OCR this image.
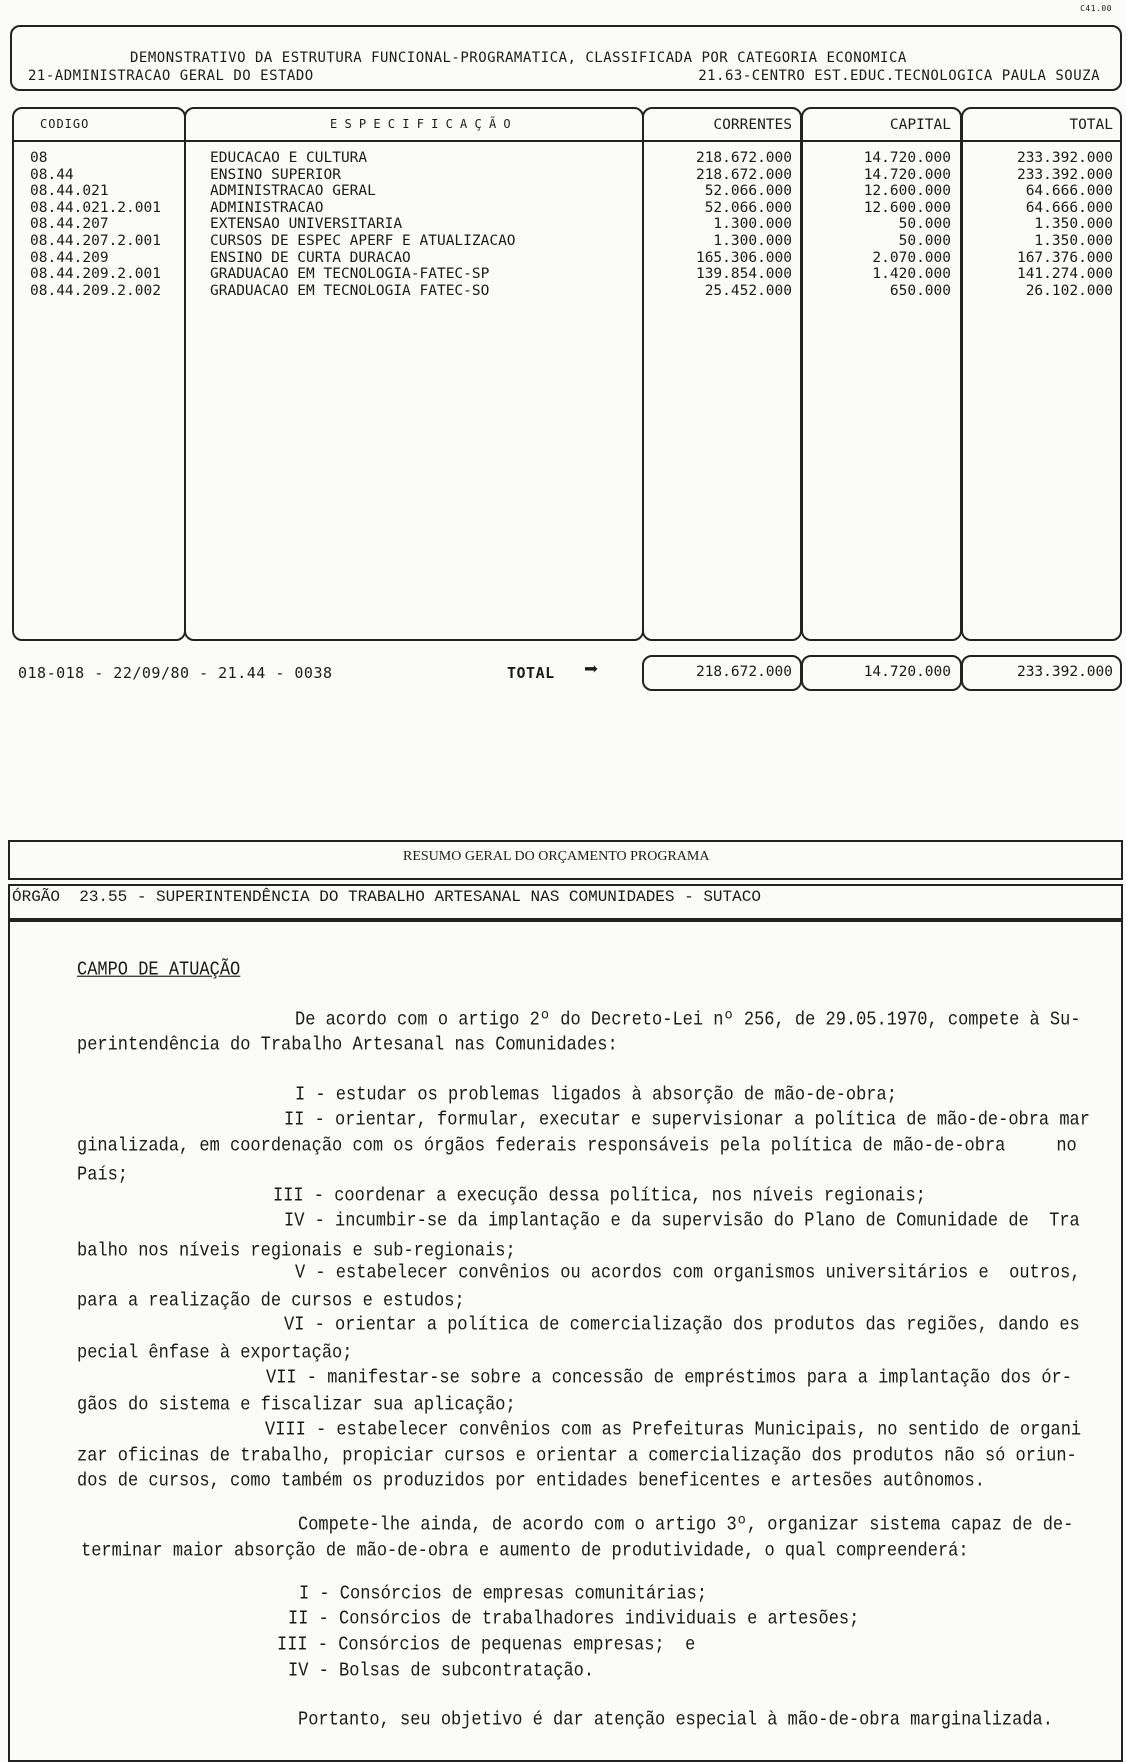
C41.00
DEMONSTRATIVO DA ESTRUTURA FUNCIONAL-PROGRAMATICA, CLASSIFICADA POR CATEGORIA ECONOMICA
21-ADMINISTRACAO GERAL DO ESTADO	21.63-CENTRO EST.EDUC.TECNOLOGICA PAULA SOUZA
CODIGO	E S P E C I F I C A Ç Ã O	CORRENTES	CAPITAL	TOTAL
08	EDUCACAO E CULTURA	218.672.000	14.720.000	233.392.000
08.44	ENSINO SUPERIOR	218.672.000	14.720.000	233.392.000
08.44.021	ADMINISTRACAO GERAL	52.066.000	12.600.000	64.666.000
08.44.021.2.001	ADMINISTRACAO	52.066.000	12.600.000	64.666.000
08.44.207	EXTENSAO UNIVERSITARIA	1.300.000	50.000	1.350.000
08.44.207.2.001	CURSOS DE ESPEC APERF E ATUALIZACAO	1.300.000	50.000	1.350.000
08.44.209	ENSINO DE CURTA DURACAO	165.306.000	2.070.000	167.376.000
08.44.209.2.001	GRADUACAO EM TECNOLOGIA-FATEC-SP	139.854.000	1.420.000	141.274.000
08.44.209.2.002	GRADUACAO EM TECNOLOGIA FATEC-SO	25.452.000	650.000	26.102.000
018-018 - 22/09/80 - 21.44 - 0038	TOTAL ➡	218.672.000	14.720.000	233.392.000
RESUMO GERAL DO ORÇAMENTO PROGRAMA
ÓRGÃO  23.55 - SUPERINTENDÊNCIA DO TRABALHO ARTESANAL NAS COMUNIDADES - SUTACO
CAMPO DE ATUAÇÃO
De acordo com o artigo 2º do Decreto-Lei nº 256, de 29.05.1970, compete à Su-
perintendência do Trabalho Artesanal nas Comunidades:
I - estudar os problemas ligados à absorção de mão-de-obra;
II - orientar, formular, executar e supervisionar a política de mão-de-obra mar
ginalizada, em coordenação com os órgãos federais responsáveis pela política de mão-de-obra     no
País;
III - coordenar a execução dessa política, nos níveis regionais;
IV - incumbir-se da implantação e da supervisão do Plano de Comunidade de  Tra
balho nos níveis regionais e sub-regionais;
V - estabelecer convênios ou acordos com organismos universitários e  outros,
para a realização de cursos e estudos;
VI - orientar a política de comercialização dos produtos das regiões, dando es
pecial ênfase à exportação;
VII - manifestar-se sobre a concessão de empréstimos para a implantação dos ór-
gãos do sistema e fiscalizar sua aplicação;
VIII - estabelecer convênios com as Prefeituras Municipais, no sentido de organi
zar oficinas de trabalho, propiciar cursos e orientar a comercialização dos produtos não só oriun-
dos de cursos, como também os produzidos por entidades beneficentes e artesões autônomos.
Compete-lhe ainda, de acordo com o artigo 3º, organizar sistema capaz de de-
terminar maior absorção de mão-de-obra e aumento de produtividade, o qual compreenderá:
I - Consórcios de empresas comunitárias;
II - Consórcios de trabalhadores individuais e artesões;
III - Consórcios de pequenas empresas;  e
IV - Bolsas de subcontratação.
Portanto, seu objetivo é dar atenção especial à mão-de-obra marginalizada.
